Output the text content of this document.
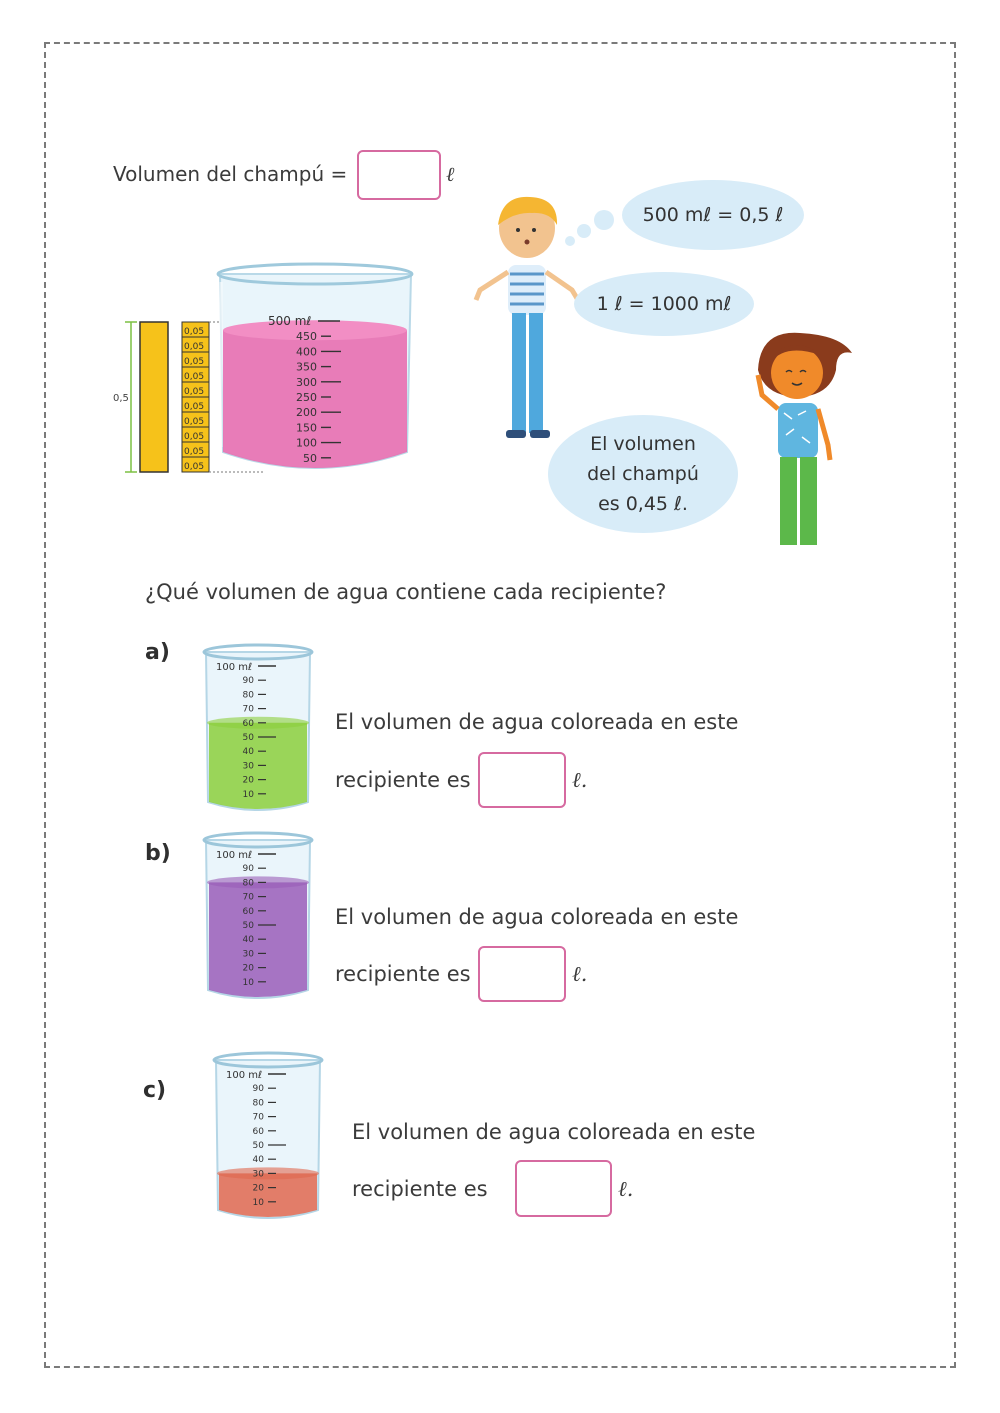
Volumen del champú =	ℓ
0,5
0,05
0,05
0,05
0,05
0,05
0,05
0,05
0,05
0,05
0,05
500 mℓ
450
400
350
300
250
200
150
100
50
500 mℓ = 0,5 ℓ
1 ℓ = 1000 mℓ
El volumen
del champú
es 0,45 ℓ.
¿Qué volumen de agua contiene cada recipiente?
a)
100 mℓ
90
80
70
60
50
40
30
20
10
El volumen de agua coloreada en este
recipiente es	ℓ.
b)	100 mℓ
90
80
70
60
50
40
30
20
10
El volumen de agua coloreada en este
recipiente es	ℓ.
c)
100 mℓ
90
80
70
60
50
40
30
20
10
El volumen de agua coloreada en este
recipiente es	ℓ.
